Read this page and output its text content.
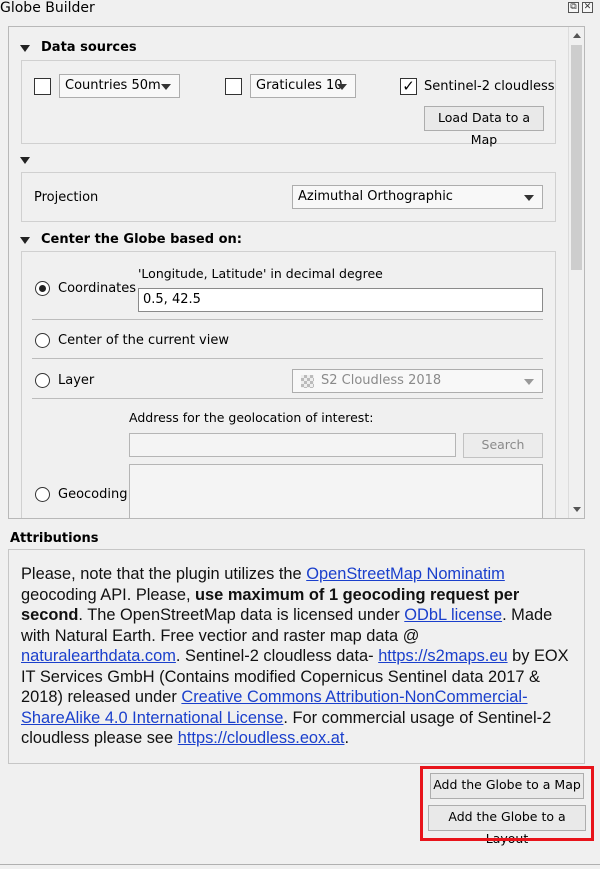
Globe Builder	⧉ ✕
Data sources
Countries 50m	Graticules 10	✓ Sentinel-2 cloudless
Load Data to a Map
Projection	Azimuthal Orthographic
Center the Globe based on:
Coordinates
'Longitude, Latitude' in decimal degree
0.5, 42.5
Center of the current view
Layer	S2 Cloudless 2018
Address for the geolocation of interest:
Search
Geocoding
Attributions
Please, note that the plugin utilizes the OpenStreetMap Nominatim geocoding API. Please, use maximum of 1 geocoding request per second. The OpenStreetMap data is licensed under ODbL license. Made with Natural Earth. Free vectior and raster map data @ naturalearthdata.com. Sentinel-2 cloudless data- https://s2maps.eu by EOX IT Services GmbH (Contains modified Copernicus Sentinel data 2017 & 2018) released under Creative Commons Attribution-NonCommercial-ShareAlike 4.0 International License. For commercial usage of Sentinel-2 cloudless please see https://cloudless.eox.at.
Add the Globe to a Map
Add the Globe to a Layout
